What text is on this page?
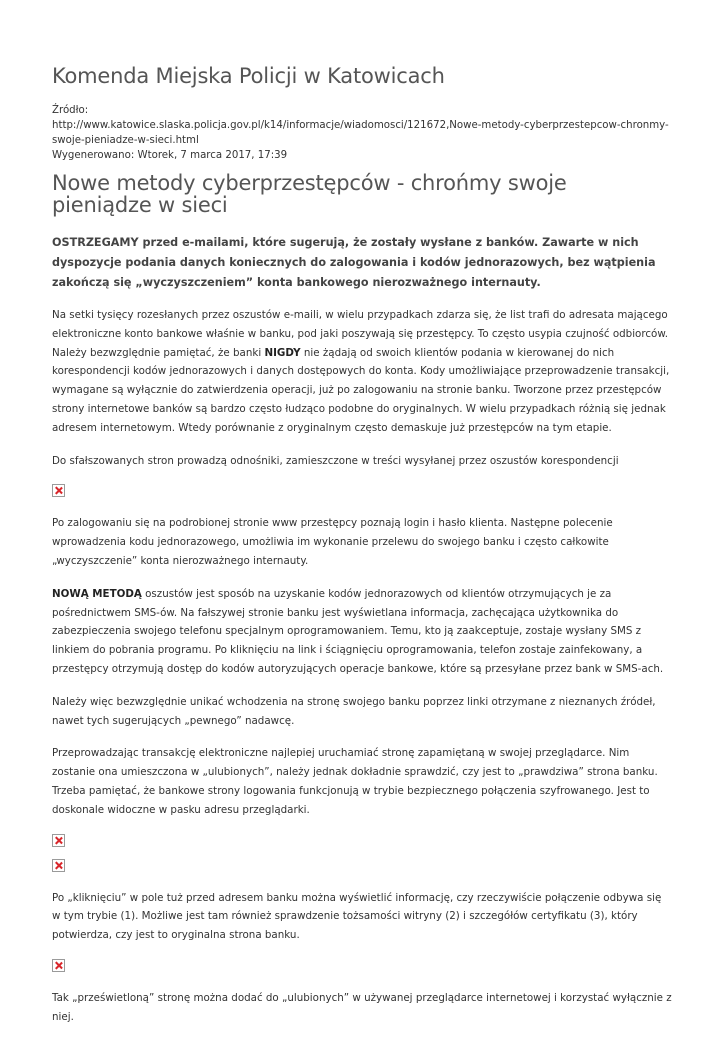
Komenda Miejska Policji w Katowicach
Źródło:
http://www.katowice.slaska.policja.gov.pl/k14/informacje/wiadomosci/121672,Nowe-metody-cyberprzestepcow-chronmy-swoje-pieniadze-w-sieci.html
Wygenerowano: Wtorek, 7 marca 2017, 17:39
Nowe metody cyberprzestępców - chrońmy swoje pieniądze w sieci

OSTRZEGAMY przed e-mailami, które sugerują, że zostały wysłane z banków. Zawarte w nich dyspozycje podania danych koniecznych do zalogowania i kodów jednorazowych, bez wątpienia zakończą się „wyczyszczeniem” konta bankowego nierozważnego internauty.

Na setki tysięcy rozesłanych przez oszustów e-maili, w wielu przypadkach zdarza się, że list trafi do adresata mającego elektroniczne konto bankowe właśnie w banku, pod jaki poszywają się przestępcy. To często usypia czujność odbiorców. Należy bezwzględnie pamiętać, że banki NIGDY nie żądają od swoich klientów podania w kierowanej do nich korespondencji kodów jednorazowych i danych dostępowych do konta. Kody umożliwiające przeprowadzenie transakcji, wymagane są wyłącznie do zatwierdzenia operacji, już po zalogowaniu na stronie banku. Tworzone przez przestępców strony internetowe banków są bardzo często łudząco podobne do oryginalnych. W wielu przypadkach różnią się jednak adresem internetowym. Wtedy porównanie z oryginalnym często demaskuje już przestępców na tym etapie.

Do sfałszowanych stron prowadzą odnośniki, zamieszczone w treści wysyłanej przez oszustów korespondencji

Po zalogowaniu się na podrobionej stronie www przestępcy poznają login i hasło klienta. Następne polecenie wprowadzenia kodu jednorazowego, umożliwia im wykonanie przelewu do swojego banku i często całkowite „wyczyszczenie” konta nierozważnego internauty.

NOWĄ METODĄ oszustów jest sposób na uzyskanie kodów jednorazowych od klientów otrzymujących je za pośrednictwem SMS-ów. Na fałszywej stronie banku jest wyświetlana informacja, zachęcająca użytkownika do zabezpieczenia swojego telefonu specjalnym oprogramowaniem. Temu, kto ją zaakceptuje, zostaje wysłany SMS z linkiem do pobrania programu. Po kliknięciu na link i ściągnięciu oprogramowania, telefon zostaje zainfekowany, a przestępcy otrzymują dostęp do kodów autoryzujących operacje bankowe, które są przesyłane przez bank w SMS-ach.

Należy więc bezwzględnie unikać wchodzenia na stronę swojego banku poprzez linki otrzymane z nieznanych źródeł, nawet tych sugerujących „pewnego” nadawcę.

Przeprowadzając transakcję elektroniczne najlepiej uruchamiać stronę zapamiętaną w swojej przeglądarce. Nim zostanie ona umieszczona w „ulubionych”, należy jednak dokładnie sprawdzić, czy jest to „prawdziwa” strona banku. Trzeba pamiętać, że bankowe strony logowania funkcjonują w trybie bezpiecznego połączenia szyfrowanego. Jest to doskonale widoczne w pasku adresu przeglądarki.

Po „kliknięciu” w pole tuż przed adresem banku można wyświetlić informację, czy rzeczywiście połączenie odbywa się w tym trybie (1). Możliwe jest tam również sprawdzenie tożsamości witryny (2) i szczegółów certyfikatu (3), który potwierdza, czy jest to oryginalna strona banku.

Tak „prześwietloną” stronę można dodać do „ulubionych” w używanej przeglądarce internetowej i korzystać wyłącznie z niej.
